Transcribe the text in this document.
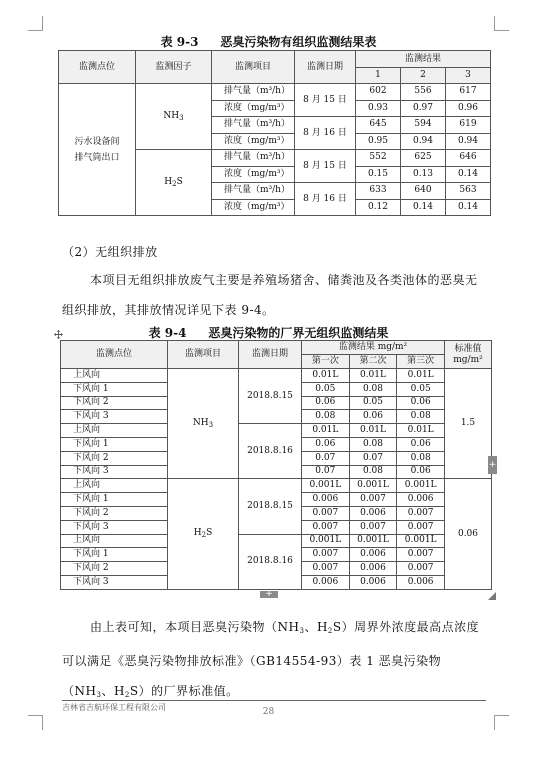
表 9-3 恶臭污染物有组织监测结果表
监测点位	监测因子	监测项目	监测日期	监测结果		
				1	2	3
污水设备间
排气筒出口	$NH_3$	排气量（m³/h）	8 月 15 日	602	556	617
		浓度（mg/m³）		0.93	0.97	0.96
		排气量（m³/h）	8 月 16 日	645	594	619
		浓度（mg/m³）		0.95	0.94	0.94
	$H_2S$	排气量（m³/h）	8 月 15 日	552	625	646
		浓度（mg/m³）		0.15	0.13	0.14
		排气量（m³/h）	8 月 16 日	633	640	563
		浓度（mg/m³）		0.12	0.14	0.14
（2）无组织排放
本项目无组织排放废气主要是养殖场猪舍、储粪池及各类池体的恶臭无组织排放，其排放情况详见下表 9-4。
表 9-4 恶臭污染物的厂界无组织监测结果
监测点位	监测项目	监测日期	监测结果 mg/m²			标准值
mg/m²

			第一次	第二次	第三次	
上风向	$NH_3$	2018.8.15	0.01L	0.01L	0.01L	1.5
下风向 1			0.05	0.08	0.05	
下风向 2			0.06	0.05	0.06	
下风向 3			0.08	0.06	0.08	
上风向		2018.8.16	0.01L	0.01L	0.01L	
下风向 1			0.06	0.08	0.06	
下风向 2			0.07	0.07	0.08	
下风向 3			0.07	0.08	0.06	
上风向	$H_2S$	2018.8.15	0.001L	0.001L	0.001L	0.06
下风向 1			0.006	0.007	0.006	
下风向 2			0.007	0.006	0.007	
下风向 3			0.007	0.007	0.007	
上风向		2018.8.16	0.001L	0.001L	0.001L	
下风向 1			0.007	0.006	0.007	
下风向 2			0.007	0.006	0.007	
下风向 3			0.006	0.006	0.006	
+
+
由上表可知，本项目恶臭污染物（$NH_3$、$H_2S$）周界外浓度最高点浓度可以满足《恶臭污染物排放标准》（GB14554-93）表 1 恶臭污染物（$NH_3$、$H_2S$）的厂界标准值。
吉林省吉航环保工程有限公司	28
